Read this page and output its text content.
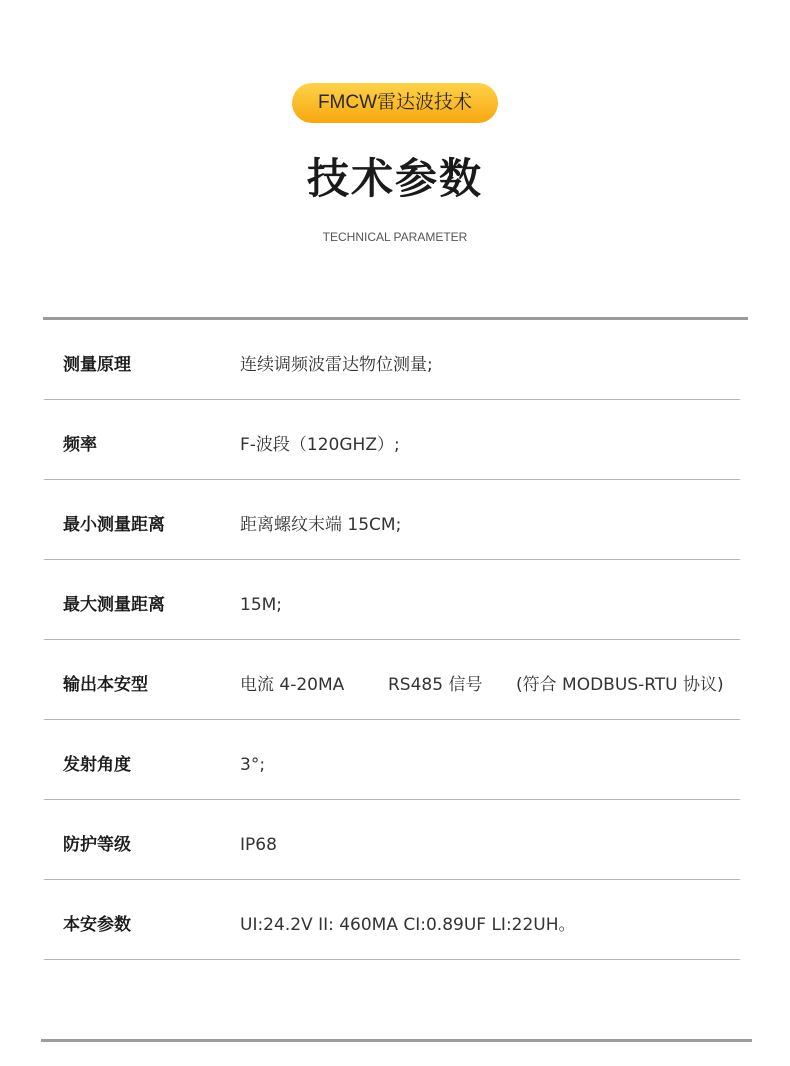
FMCW雷达波技术
技术参数
TECHNICAL PARAMETER
测量原理	连续调频波雷达物位测量;
频率	F-波段（120GHZ）;
最小测量距离	距离螺纹末端 15CM;
最大测量距离	15M;
输出本安型	电流 4-20MA	RS485 信号 (符合 MODBUS-RTU 协议)
发射角度	3°;
防护等级	IP68
本安参数	UI:24.2V II: 460MA CI:0.89UF LI:22UH。
